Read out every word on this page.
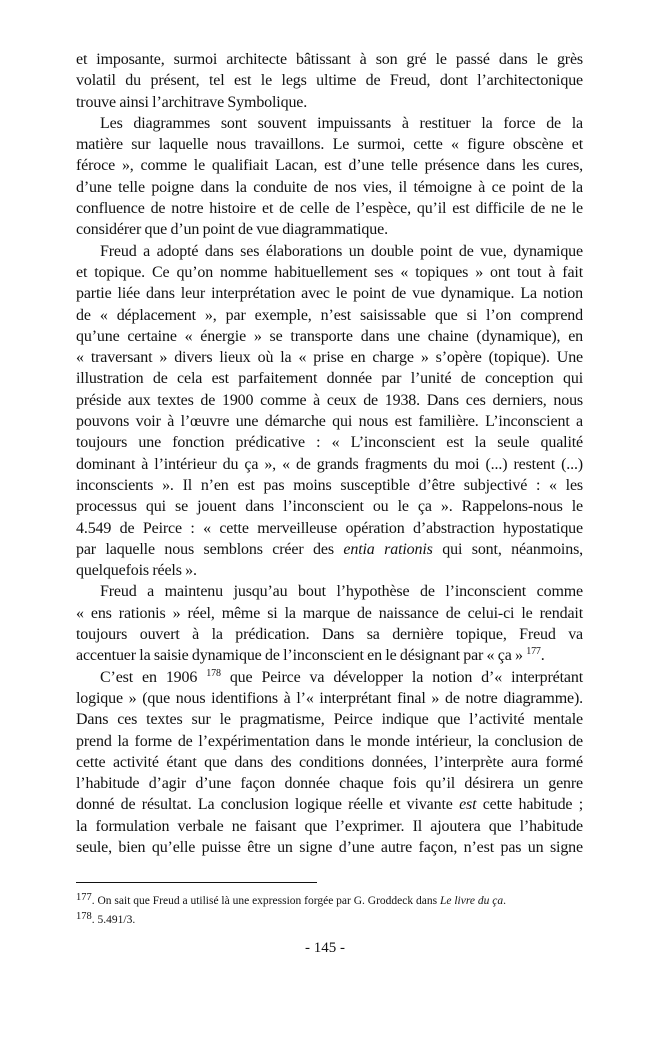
et imposante, surmoi architecte bâtissant à son gré le passé dans le grès
volatil du présent, tel est le legs ultime de Freud, dont l’architectonique
trouve ainsi l’architrave Symbolique.
Les diagrammes sont souvent impuissants à restituer la force de la
matière sur laquelle nous travaillons. Le surmoi, cette « figure obscène et
féroce », comme le qualifiait Lacan, est d’une telle présence dans les cures,
d’une telle poigne dans la conduite de nos vies, il témoigne à ce point de la
confluence de notre histoire et de celle de l’espèce, qu’il est difficile de ne le
considérer que d’un point de vue diagrammatique.
Freud a adopté dans ses élaborations un double point de vue, dynamique
et topique. Ce qu’on nomme habituellement ses « topiques » ont tout à fait
partie liée dans leur interprétation avec le point de vue dynamique. La notion
de « déplacement », par exemple, n’est saisissable que si l’on comprend
qu’une certaine « énergie » se transporte dans une chaine (dynamique), en
« traversant » divers lieux où la « prise en charge » s’opère (topique). Une
illustration de cela est parfaitement donnée par l’unité de conception qui
préside aux textes de 1900 comme à ceux de 1938. Dans ces derniers, nous
pouvons voir à l’œuvre une démarche qui nous est familière. L’inconscient a
toujours une fonction prédicative : « L’inconscient est la seule qualité
dominant à l’intérieur du ça », « de grands fragments du moi (...) restent (...)
inconscients ». Il n’en est pas moins susceptible d’être subjectivé : « les
processus qui se jouent dans l’inconscient ou le ça ». Rappelons-nous le
4.549 de Peirce : « cette merveilleuse opération d’abstraction hypostatique
par laquelle nous semblons créer des entia rationis qui sont, néanmoins,
quelquefois réels ».
Freud a maintenu jusqu’au bout l’hypothèse de l’inconscient comme
« ens rationis » réel, même si la marque de naissance de celui-ci le rendait
toujours ouvert à la prédication. Dans sa dernière topique, Freud va
accentuer la saisie dynamique de l’inconscient en le désignant par « ça » $^{177}$.
C’est en 1906 $^{178}$ que Peirce va développer la notion d’« interprétant
logique » (que nous identifions à l’« interprétant final » de notre diagramme).
Dans ces textes sur le pragmatisme, Peirce indique que l’activité mentale
prend la forme de l’expérimentation dans le monde intérieur, la conclusion de
cette activité étant que dans des conditions données, l’interprète aura formé
l’habitude d’agir d’une façon donnée chaque fois qu’il désirera un genre
donné de résultat. La conclusion logique réelle et vivante est cette habitude ;
la formulation verbale ne faisant que l’exprimer. Il ajoutera que l’habitude
seule, bien qu’elle puisse être un signe d’une autre façon, n’est pas un signe
177. On sait que Freud a utilisé là une expression forgée par G. Groddeck dans Le livre du ça.
178. 5.491/3.
- 145 -
